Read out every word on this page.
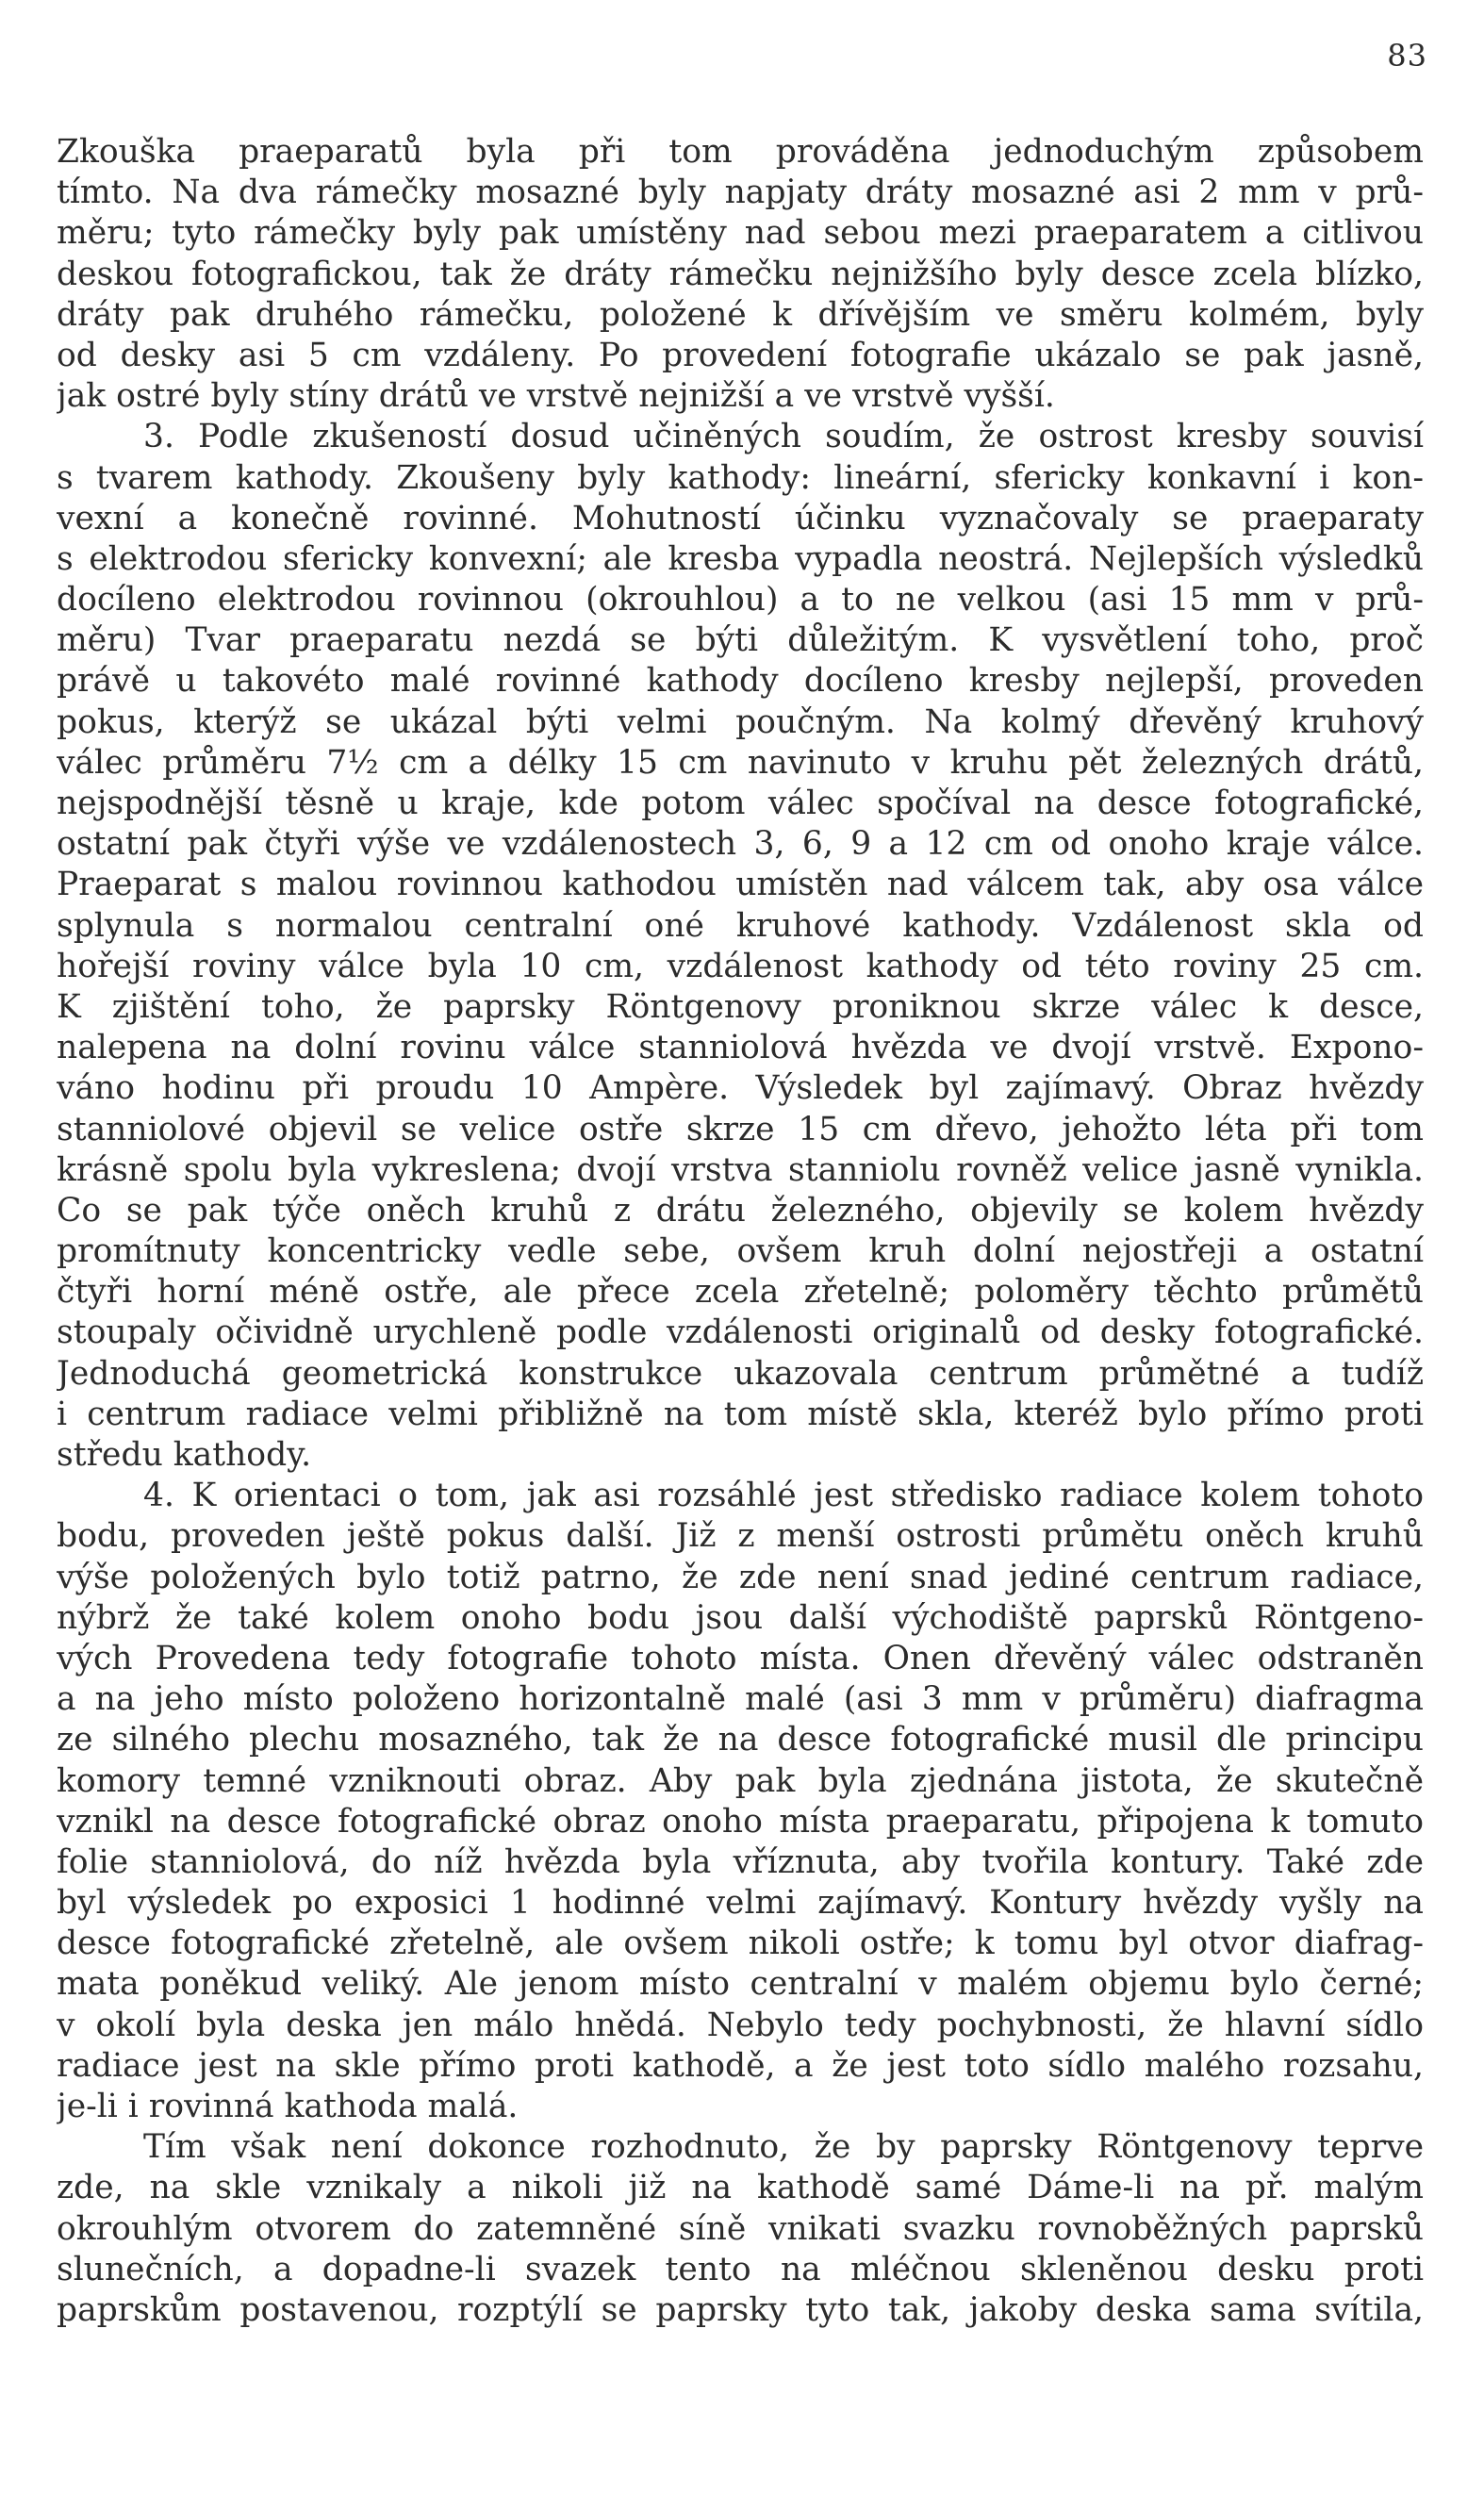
83
Zkouška praeparatů byla při tom prováděna jednoduchým způsobem
tímto. Na dva rámečky mosazné byly napjaty dráty mosazné asi 2 mm v prů-
měru; tyto rámečky byly pak umístěny nad sebou mezi praeparatem a citlivou
deskou fotografickou, tak že dráty rámečku nejnižšího byly desce zcela blízko,
dráty pak druhého rámečku, položené k dřívějším ve směru kolmém, byly
od desky asi 5 cm vzdáleny. Po provedení fotografie ukázalo se pak jasně,
jak ostré byly stíny drátů ve vrstvě nejnižší a ve vrstvě vyšší.
3. Podle zkušeností dosud učiněných soudím, že ostrost kresby souvisí
s tvarem kathody. Zkoušeny byly kathody: lineární, sfericky konkavní i kon-
vexní a konečně rovinné. Mohutností účinku vyznačovaly se praeparaty
s elektrodou sfericky konvexní; ale kresba vypadla neostrá. Nejlepších výsledků
docíleno elektrodou rovinnou (okrouhlou) a to ne velkou (asi 15 mm v prů-
měru) Tvar praeparatu nezdá se býti důležitým. K vysvětlení toho, proč
právě u takovéto malé rovinné kathody docíleno kresby nejlepší, proveden
pokus, kterýž se ukázal býti velmi poučným. Na kolmý dřevěný kruhový
válec průměru 7½ cm a délky 15 cm navinuto v kruhu pět železných drátů,
nejspodnější těsně u kraje, kde potom válec spočíval na desce fotografické,
ostatní pak čtyři výše ve vzdálenostech 3, 6, 9 a 12 cm od onoho kraje válce.
Praeparat s malou rovinnou kathodou umístěn nad válcem tak, aby osa válce
splynula s normalou centralní oné kruhové kathody. Vzdálenost skla od
hořejší roviny válce byla 10 cm, vzdálenost kathody od této roviny 25 cm.
K zjištění toho, že paprsky Röntgenovy proniknou skrze válec k desce,
nalepena na dolní rovinu válce stanniolová hvězda ve dvojí vrstvě. Expono-
váno hodinu při proudu 10 Ampère. Výsledek byl zajímavý. Obraz hvězdy
stanniolové objevil se velice ostře skrze 15 cm dřevo, jehožto léta při tom
krásně spolu byla vykreslena; dvojí vrstva stanniolu rovněž velice jasně vynikla.
Co se pak týče oněch kruhů z drátu železného, objevily se kolem hvězdy
promítnuty koncentricky vedle sebe, ovšem kruh dolní nejostřeji a ostatní
čtyři horní méně ostře, ale přece zcela zřetelně; poloměry těchto průmětů
stoupaly očividně urychleně podle vzdálenosti originalů od desky fotografické.
Jednoduchá geometrická konstrukce ukazovala centrum průmětné a tudíž
i centrum radiace velmi přibližně na tom místě skla, kteréž bylo přímo proti
středu kathody.
4. K orientaci o tom, jak asi rozsáhlé jest středisko radiace kolem tohoto
bodu, proveden ještě pokus další. Již z menší ostrosti průmětu oněch kruhů
výše položených bylo totiž patrno, že zde není snad jediné centrum radiace,
nýbrž že také kolem onoho bodu jsou další východiště paprsků Röntgeno-
vých Provedena tedy fotografie tohoto místa. Onen dřevěný válec odstraněn
a na jeho místo položeno horizontalně malé (asi 3 mm v průměru) diafragma
ze silného plechu mosazného, tak že na desce fotografické musil dle principu
komory temné vzniknouti obraz. Aby pak byla zjednána jistota, že skutečně
vznikl na desce fotografické obraz onoho místa praeparatu, připojena k tomuto
folie stanniolová, do níž hvězda byla vříznuta, aby tvořila kontury. Také zde
byl výsledek po exposici 1 hodinné velmi zajímavý. Kontury hvězdy vyšly na
desce fotografické zřetelně, ale ovšem nikoli ostře; k tomu byl otvor diafrag-
mata poněkud veliký. Ale jenom místo centralní v malém objemu bylo černé;
v okolí byla deska jen málo hnědá. Nebylo tedy pochybnosti, že hlavní sídlo
radiace jest na skle přímo proti kathodě, a že jest toto sídlo malého rozsahu,
je-li i rovinná kathoda malá.
Tím však není dokonce rozhodnuto, že by paprsky Röntgenovy teprve
zde, na skle vznikaly a nikoli již na kathodě samé Dáme-li na př. malým
okrouhlým otvorem do zatemněné síně vnikati svazku rovnoběžných paprsků
slunečních, a dopadne-li svazek tento na mléčnou skleněnou desku proti
paprskům postavenou, rozptýlí se paprsky tyto tak, jakoby deska sama svítila,
